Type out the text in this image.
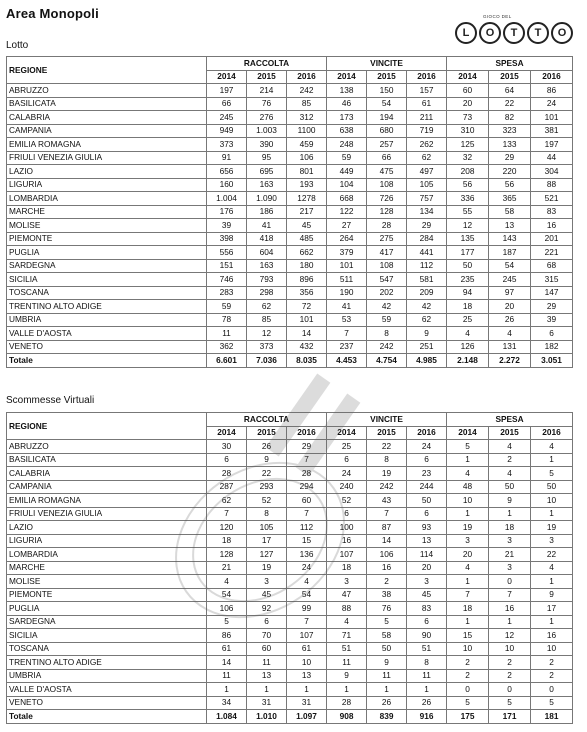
Area Monopoli	GIOCO DEL
L	O	T	T	O
Lotto
REGIONE	RACCOLTA			VINCITE			SPESA		
	2014	2015	2016	2014	2015	2016	2014	2015	2016
ABRUZZO	197	214	242	138	150	157	60	64	86
BASILICATA	66	76	85	46	54	61	20	22	24
CALABRIA	245	276	312	173	194	211	73	82	101
CAMPANIA	949	1.003	1100	638	680	719	310	323	381
EMILIA ROMAGNA	373	390	459	248	257	262	125	133	197
FRIULI VENEZIA GIULIA	91	95	106	59	66	62	32	29	44
LAZIO	656	695	801	449	475	497	208	220	304
LIGURIA	160	163	193	104	108	105	56	56	88
LOMBARDIA	1.004	1.090	1278	668	726	757	336	365	521
MARCHE	176	186	217	122	128	134	55	58	83
MOLISE	39	41	45	27	28	29	12	13	16
PIEMONTE	398	418	485	264	275	284	135	143	201
PUGLIA	556	604	662	379	417	441	177	187	221
SARDEGNA	151	163	180	101	108	112	50	54	68
SICILIA	746	793	896	511	547	581	235	245	315
TOSCANA	283	298	356	190	202	209	94	97	147
TRENTINO ALTO ADIGE	59	62	72	41	42	42	18	20	29
UMBRIA	78	85	101	53	59	62	25	26	39
VALLE D'AOSTA	11	12	14	7	8	9	4	4	6
VENETO	362	373	432	237	242	251	126	131	182
Totale	6.601	7.036	8.035	4.453	4.754	4.985	2.148	2.272	3.051
Scommesse Virtuali
REGIONE	RACCOLTA			VINCITE			SPESA		
	2014	2015	2016	2014	2015	2016	2014	2015	2016
ABRUZZO	30	26	29	25	22	24	5	4	4
BASILICATA	6	9	7	6	8	6	1	2	1
CALABRIA	28	22	28	24	19	23	4	4	5
CAMPANIA	287	293	294	240	242	244	48	50	50
EMILIA ROMAGNA	62	52	60	52	43	50	10	9	10
FRIULI VENEZIA GIULIA	7	8	7	6	7	6	1	1	1
LAZIO	120	105	112	100	87	93	19	18	19
LIGURIA	18	17	15	16	14	13	3	3	3
LOMBARDIA	128	127	136	107	106	114	20	21	22
MARCHE	21	19	24	18	16	20	4	3	4
MOLISE	4	3	4	3	2	3	1	0	1
PIEMONTE	54	45	54	47	38	45	7	7	9
PUGLIA	106	92	99	88	76	83	18	16	17
SARDEGNA	5	6	7	4	5	6	1	1	1
SICILIA	86	70	107	71	58	90	15	12	16
TOSCANA	61	60	61	51	50	51	10	10	10
TRENTINO ALTO ADIGE	14	11	10	11	9	8	2	2	2
UMBRIA	11	13	13	9	11	11	2	2	2
VALLE D'AOSTA	1	1	1	1	1	1	0	0	0
VENETO	34	31	31	28	26	26	5	5	5
Totale	1.084	1.010	1.097	908	839	916	175	171	181
